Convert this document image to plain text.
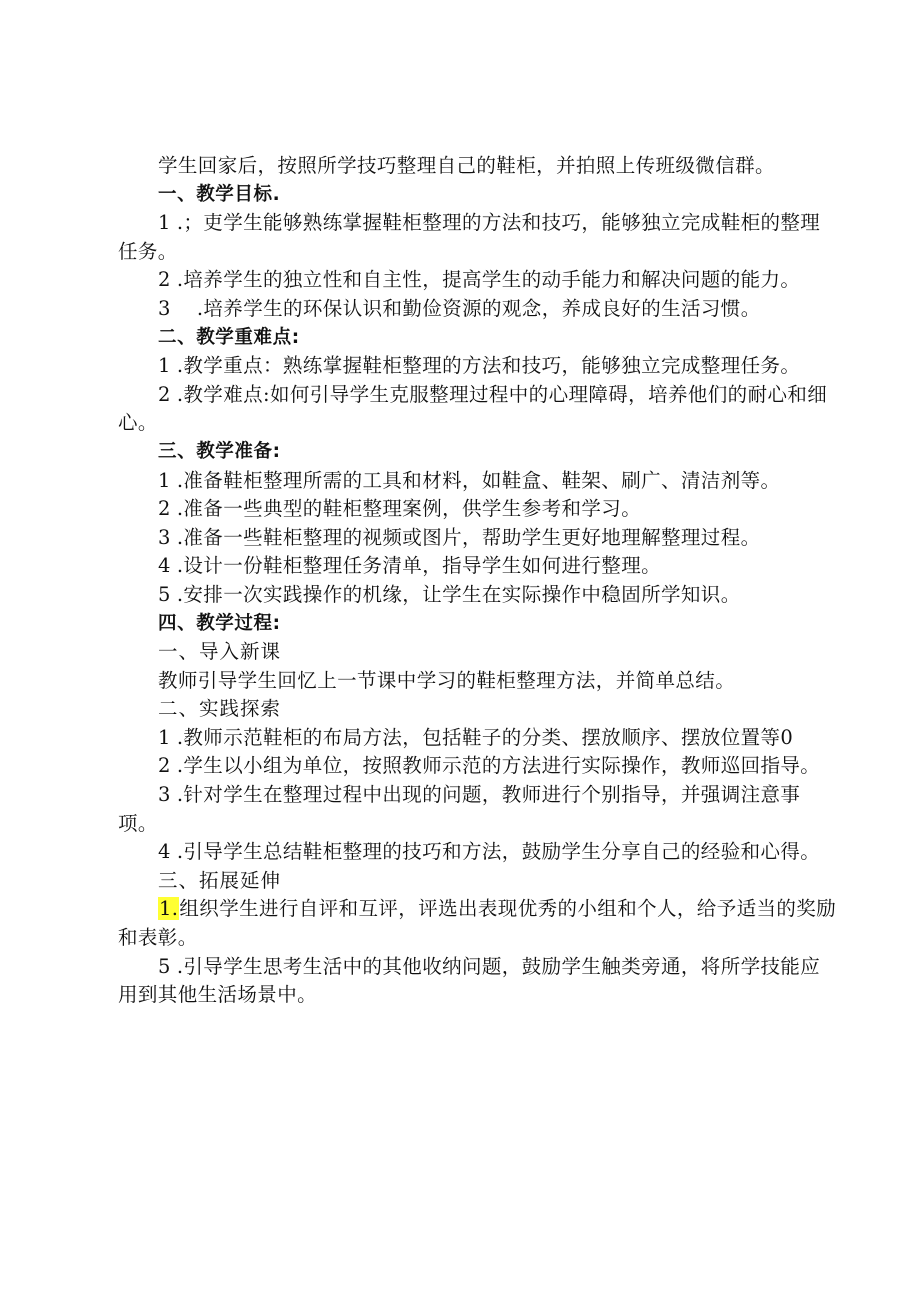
学生回家后，按照所学技巧整理自己的鞋柜，并拍照上传班级微信群。

一、教学目标.

1 .；吏学生能够熟练掌握鞋柜整理的方法和技巧，能够独立完成鞋柜的整理任务。

2 .培养学生的独立性和自主性，提高学生的动手能力和解决问题的能力。

3 .培养学生的环保认识和勤俭资源的观念，养成良好的生活习惯。

二、教学重难点:

1 .教学重点：熟练掌握鞋柜整理的方法和技巧，能够独立完成整理任务。

2 .教学难点:如何引导学生克服整理过程中的心理障碍，培养他们的耐心和细心。

三、教学准备:

1 .准备鞋柜整理所需的工具和材料，如鞋盒、鞋架、刷广、清洁剂等。

2 .准备一些典型的鞋柜整理案例，供学生参考和学习。

3 .准备一些鞋柜整理的视频或图片，帮助学生更好地理解整理过程。

4 .设计一份鞋柜整理任务清单，指导学生如何进行整理。

5 .安排一次实践操作的机缘，让学生在实际操作中稳固所学知识。

四、教学过程:

一、导入新课

教师引导学生回忆上一节课中学习的鞋柜整理方法，并简单总结。

二、实践探索

1 .教师示范鞋柜的布局方法，包括鞋子的分类、摆放顺序、摆放位置等0

2 .学生以小组为单位，按照教师示范的方法进行实际操作，教师巡回指导。

3 .针对学生在整理过程中出现的问题，教师进行个别指导，并强调注意事项。

4 .引导学生总结鞋柜整理的技巧和方法，鼓励学生分享自己的经验和心得。

三、拓展延伸

1.组织学生进行自评和互评，评选出表现优秀的小组和个人，给予适当的奖励和表彰。

5 .引导学生思考生活中的其他收纳问题，鼓励学生触类旁通，将所学技能应用到其他生活场景中。
